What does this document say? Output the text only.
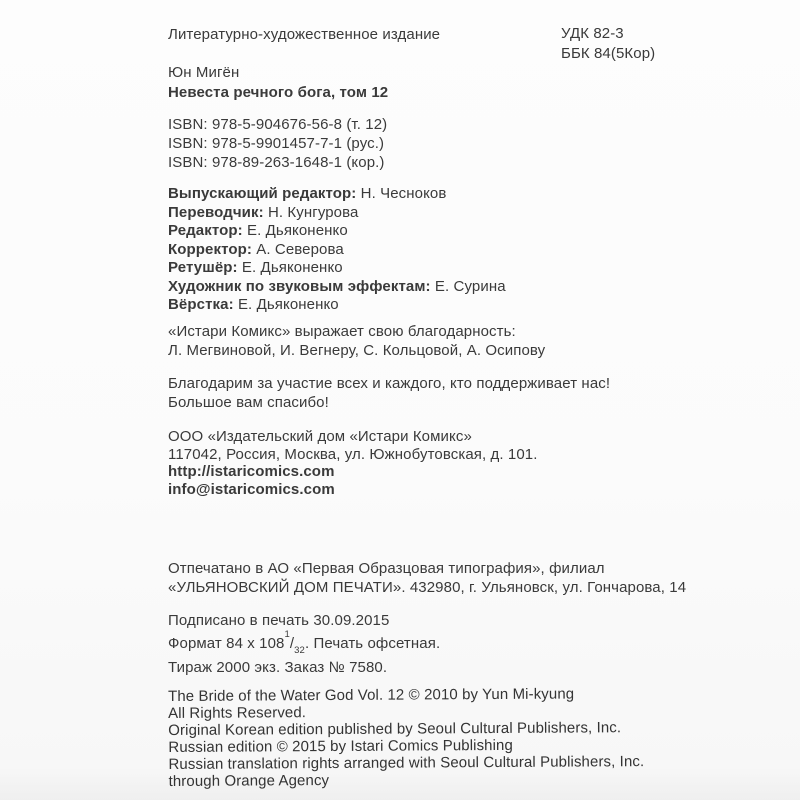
Литературно-художественное издание	УДК 82-3
ББК 84(5Кор)
Юн Мигён
Невеста речного бога, том 12
ISBN: 978-5-904676-56-8 (т. 12)
ISBN: 978-5-9901457-7-1 (рус.)
ISBN: 978-89-263-1648-1 (кор.)
Выпускающий редактор: Н. Чесноков
Переводчик: Н. Кунгурова
Редактор: Е. Дьяконенко
Корректор: А. Северова
Ретушёр: Е. Дьяконенко
Художник по звуковым эффектам: Е. Сурина
Вёрстка: Е. Дьяконенко
«Истари Комикс» выражает свою благодарность:
Л. Мегвиновой, И. Вегнеру, С. Кольцовой, А. Осипову
Благодарим за участие всех и каждого, кто поддерживает нас!
Большое вам спасибо!
ООО «Издательский дом «Истари Комикс»
117042, Россия, Москва, ул. Южнобутовская, д. 101.
http://istaricomics.com
info@istaricomics.com
Отпечатано в АО «Первая Образцовая типография», филиал
«УЛЬЯНОВСКИЙ ДОМ ПЕЧАТИ». 432980, г. Ульяновск, ул. Гончарова, 14
Подписано в печать 30.09.2015
Формат 84 х $108^1/_{32}$. Печать офсетная.
Тираж 2000 экз. Заказ № 7580.
The Bride of the Water God Vol. 12 © 2010 by Yun Mi-kyung
All Rights Reserved.
Original Korean edition published by Seoul Cultural Publishers, Inc.
Russian edition © 2015 by Istari Comics Publishing
Russian translation rights arranged with Seoul Cultural Publishers, Inc.
through Orange Agency
